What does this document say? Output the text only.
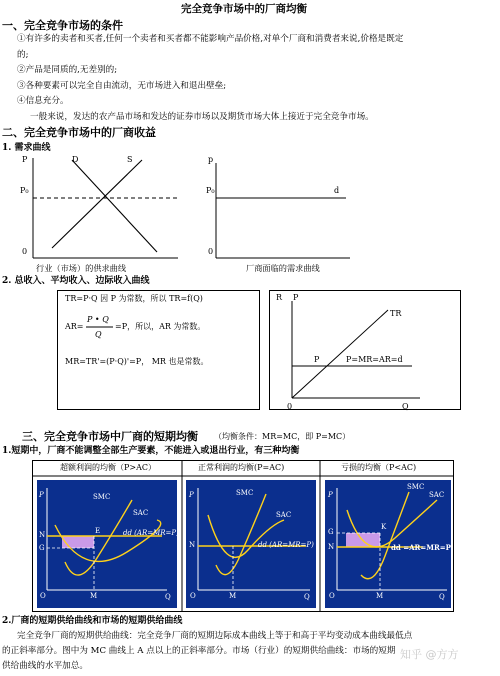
完全竞争市场中的厂商均衡
一、完全竞争市场的条件
①有许多的卖者和买者,任何一个卖者和买者都不能影响产品价格,对单个厂商和消费者来说,价格是既定
的;
②产品是同质的,无差别的;
③各种要素可以完全自由流动，无市场进入和退出壁垒;
④信息充分。
一般来说，发达的农产品市场和发达的证券市场以及期货市场大体上接近于完全竞争市场。
二、完全竞争市场中的厂商收益
1. 需求曲线
P	D	S
P₀
0
行业（市场）的供求曲线
p
P₀	d
0
厂商面临的需求曲线
2. 总收入、平均收入、边际收入曲线
TR=P·Q 因 P 为常数，所以 TR=f(Q)
AR=
P • Q
Q
=P，所以，AR 为常数。
MR=TR'=(P·Q)'=P， MR 也是常数。
R P
TR
P	P=MR=AR=d
0	Q
三、完全竞争市场中厂商的短期均衡 （均衡条件：MR=MC，即 P=MC）
1.短期中，厂商不能调整全部生产要素，不能进入或退出行业，有三种均衡
超额利润的均衡（P>AC）	正常利润的均衡(P=AC)	亏损的均衡（P<AC)
P	SMC
SAC
dd (AR=MR=P)
E
N
G
M	Q
O
P	SMC
SAC
dd (AR=MR=P)
N
M	Q
O
P
SMC
SAC
K
G
N	dd =AR=MR=P
M	Q
O
2.厂商的短期供给曲线和市场的短期供给曲线
完全竞争厂商的短期供给曲线：完全竞争厂商的短期边际成本曲线上等于和高于平均变动成本曲线最低点
的正斜率部分。图中为 MC 曲线上 A 点以上的正斜率部分。市场（行业）的短期供给曲线：市场的短期
供给曲线的水平加总。
知乎 @方方
